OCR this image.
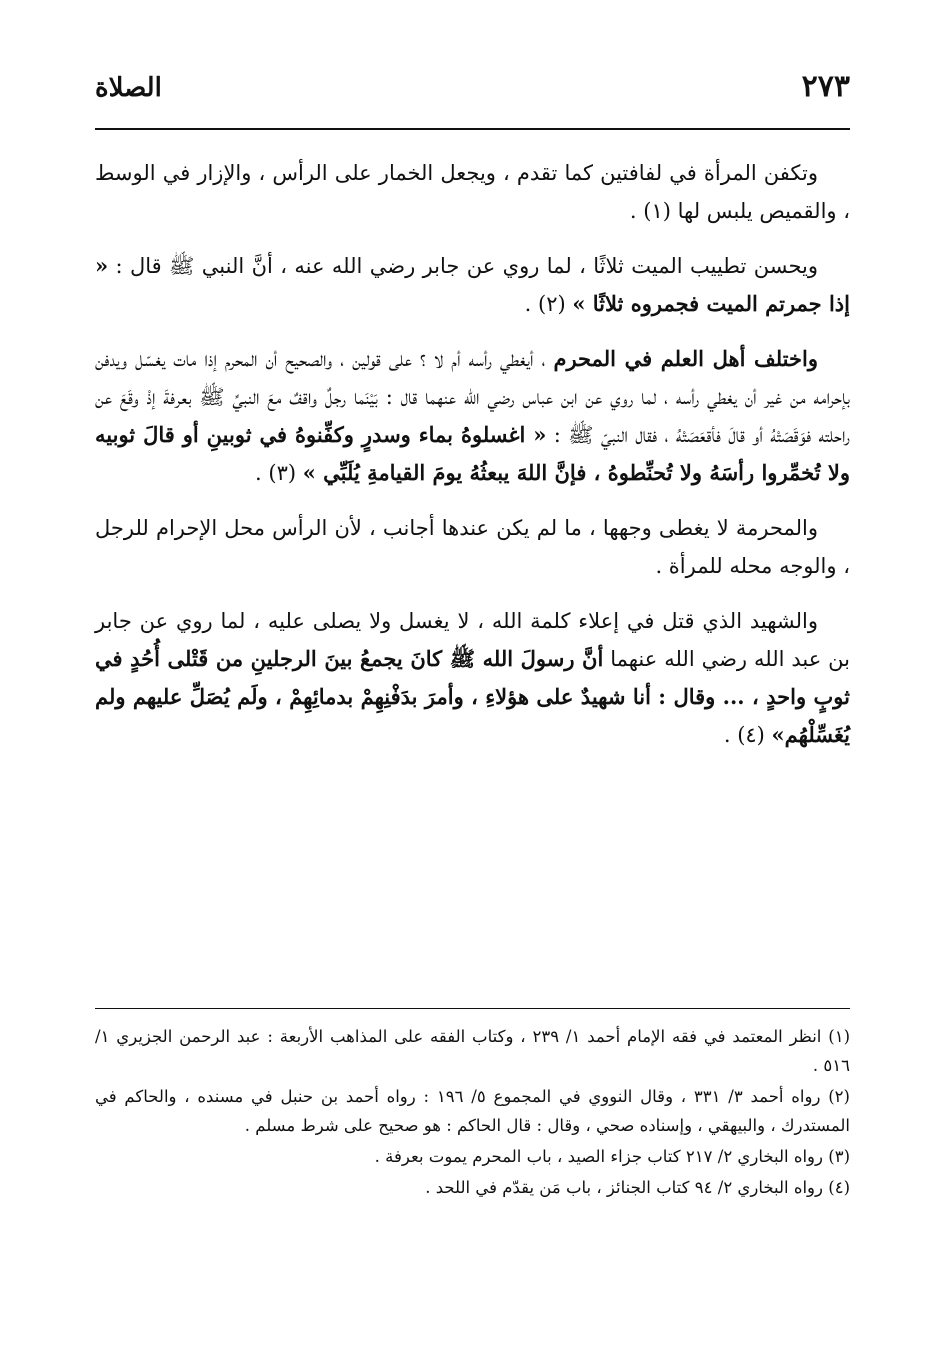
٢٧٣
الصلاة

وتكفن المرأة في لفافتين كما تقدم ، ويجعل الخمار على الرأس ، والإزار في الوسط ، والقميص يلبس لها (١) .

ويحسن تطييب الميت ثلاثًا ، لما روي عن جابر رضي الله عنه ، أنَّ النبي ﷺ قال : « إذا جمرتم الميت فجمروه ثلاثًا » (٢) .

واختلف أهل العلم في المحرم ، أيغطي رأسه أم لا ؟ على قولين ، والصحيح أن المحرم إذا مات يغسّل ويدفن بإحرامه من غير أن يغطي رأسه ، لما روي عن ابن عباس رضي الله عنهما قال : بَيْنَما رجلٌ واقفٌ معَ النبيِّ ﷺ بعرفةَ إذْ وقَعَ عن راحلته فوَقَصَتْهُ أو قالَ فأقعَصَتْهُ ، فقال النبيّ ﷺ : « اغسلوهُ بماء وسدرٍ وكفِّنوهُ في ثوبينِ أو قالَ ثوبيه ولا تُخمِّروا رأسَهُ ولا تُحنِّطوهُ ، فإنَّ اللهَ يبعثُهُ يومَ القيامةِ يُلَبِّي » (٣) .

والمحرمة لا يغطى وجهها ، ما لم يكن عندها أجانب ، لأن الرأس محل الإحرام للرجل ، والوجه محله للمرأة .

والشهيد الذي قتل في إعلاء كلمة الله ، لا يغسل ولا يصلى عليه ، لما روي عن جابر بن عبد الله رضي الله عنهما أنَّ رسولَ الله ﷺ كانَ يجمعُ بينَ الرجلينِ من قَتْلى أُحُدٍ في ثوبٍ واحدٍ ، ... وقال : أنا شهيدٌ على هؤلاءِ ، وأمرَ بدَفْنِهِمْ بدمائِهِمْ ، ولَم يُصَلِّ عليهم ولم يُغَسِّلْهُم» (٤) .

(١) انظر المعتمد في فقه الإمام أحمد ١/ ٢٣٩ ، وكتاب الفقه على المذاهب الأربعة : عبد الرحمن الجزيري ١/ ٥١٦ .

(٢) رواه أحمد ٣/ ٣٣١ ، وقال النووي في المجموع ٥/ ١٩٦ : رواه أحمد بن حنبل في مسنده ، والحاكم في المستدرك ، والبيهقي ، وإسناده صحي ، وقال : قال الحاكم : هو صحيح على شرط مسلم .

(٣) رواه البخاري ٢/ ٢١٧ كتاب جزاء الصيد ، باب المحرم يموت بعرفة .

(٤) رواه البخاري ٢/ ٩٤ كتاب الجنائز ، باب مَن يقدّم في اللحد .
